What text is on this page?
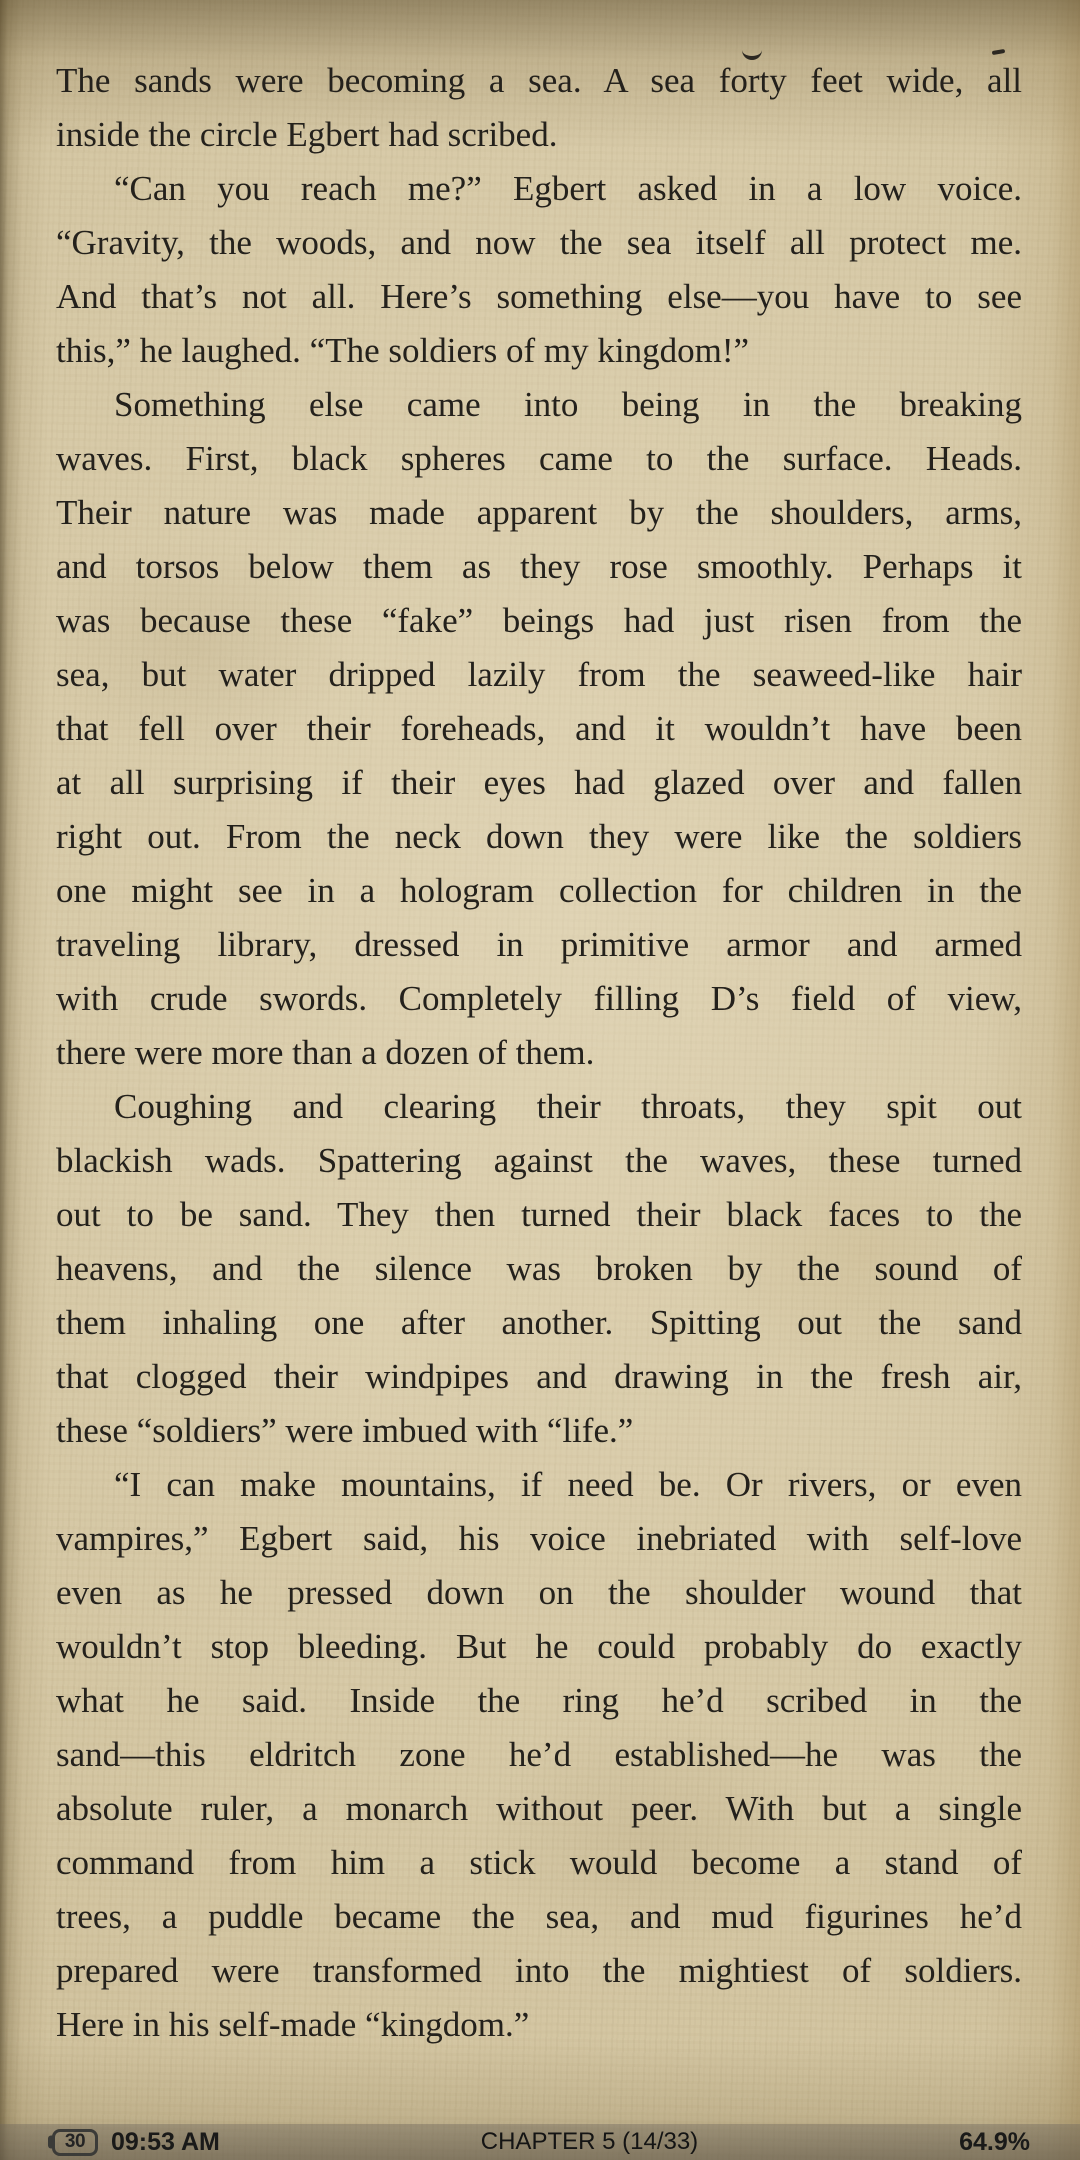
The sands were becoming a sea. A sea forty feet wide, all
inside the circle Egbert had scribed.
“Can you reach me?” Egbert asked in a low voice.
“Gravity, the woods, and now the sea itself all protect me.
And that’s not all. Here’s something else—you have to see
this,” he laughed. “The soldiers of my kingdom!”
Something else came into being in the breaking
waves. First, black spheres came to the surface. Heads.
Their nature was made apparent by the shoulders, arms,
and torsos below them as they rose smoothly. Perhaps it
was because these “fake” beings had just risen from the
sea, but water dripped lazily from the seaweed-like hair
that fell over their foreheads, and it wouldn’t have been
at all surprising if their eyes had glazed over and fallen
right out. From the neck down they were like the soldiers
one might see in a hologram collection for children in the
traveling library, dressed in primitive armor and armed
with crude swords. Completely filling D’s field of view,
there were more than a dozen of them.
Coughing and clearing their throats, they spit out
blackish wads. Spattering against the waves, these turned
out to be sand. They then turned their black faces to the
heavens, and the silence was broken by the sound of
them inhaling one after another. Spitting out the sand
that clogged their windpipes and drawing in the fresh air,
these “soldiers” were imbued with “life.”
“I can make mountains, if need be. Or rivers, or even
vampires,” Egbert said, his voice inebriated with self-love
even as he pressed down on the shoulder wound that
wouldn’t stop bleeding. But he could probably do exactly
what he said. Inside the ring he’d scribed in the
sand—this eldritch zone he’d established—he was the
absolute ruler, a monarch without peer. With but a single
command from him a stick would become a stand of
trees, a puddle became the sea, and mud figurines he’d
prepared were transformed into the mightiest of soldiers.
Here in his self-made “kingdom.”
30 09:53 AM	CHAPTER 5 (14/33)	64.9%
